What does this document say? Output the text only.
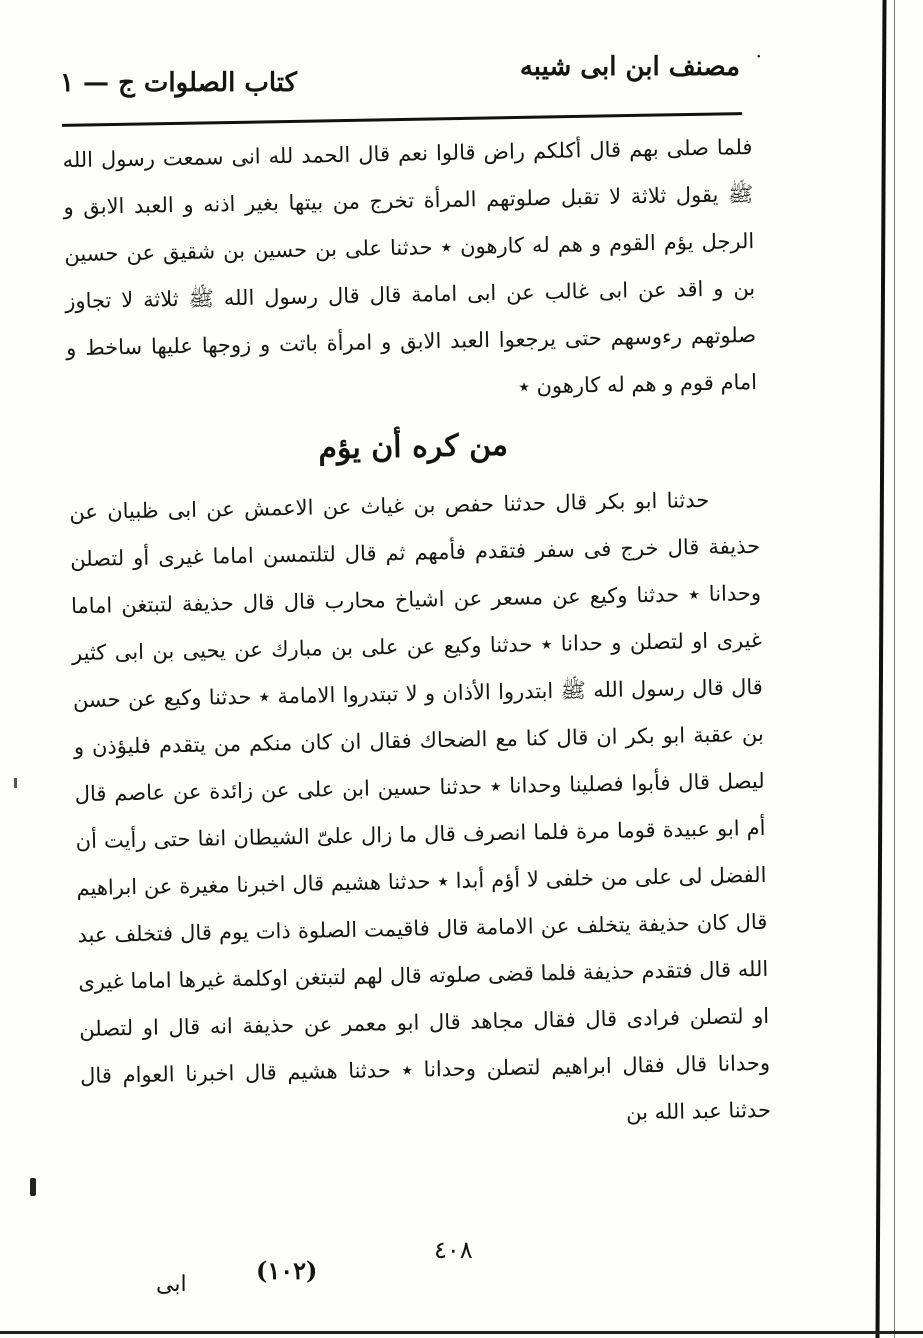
·
مصنف ابن ابى شيبه
كتاب الصلوات ج — ١

فلما صلى بهم قال أكلكم راض قالوا نعم قال الحمد لله انى سمعت رسول الله ﷺ يقول ثلاثة لا تقبل صلوتهم المرأة تخرج من بيتها بغير اذنه و العبد الابق و الرجل يؤم القوم و هم له كارهون ٭ حدثنا على بن حسين بن شقيق عن حسين بن و اقد عن ابى غالب عن ابى امامة قال قال رسول الله ﷺ ثلاثة لا تجاوز صلوتهم رءوسهم حتى يرجعوا العبد الابق و امرأة باتت و زوجها عليها ساخط و امام قوم و هم له كارهون ٭

من كره أن يؤم

حدثنا ابو بكر قال حدثنا حفص بن غياث عن الاعمش عن ابى ظبيان عن حذيفة قال خرج فى سفر فتقدم فأمهم ثم قال لتلتمسن اماما غيرى أو لتصلن وحدانا ٭ حدثنا وكيع عن مسعر عن اشياخ محارب قال قال حذيفة لتبتغن اماما غيرى او لتصلن و حدانا ٭ حدثنا وكيع عن على بن مبارك عن يحيى بن ابى كثير قال قال رسول الله ﷺ ابتدروا الأذان و لا تبتدروا الامامة ٭ حدثنا وكيع عن حسن بن عقبة ابو بكر ان قال كنا مع الضحاك فقال ان كان منكم من يتقدم فليؤذن و ليصل قال فأبوا فصلينا وحدانا ٭ حدثنا حسين ابن على عن زائدة عن عاصم قال أم ابو عبيدة قوما مرة فلما انصرف قال ما زال علىّ الشيطان انفا حتى رأيت أن الفضل لى على من خلفى لا أؤم أبدا ٭ حدثنا هشيم قال اخبرنا مغيرة عن ابراهيم قال كان حذيفة يتخلف عن الامامة قال فاقيمت الصلوة ذات يوم قال فتخلف عبد الله قال فتقدم حذيفة فلما قضى صلوته قال لهم لتبتغن اوكلمة غيرها اماما غيرى او لتصلن فرادى قال فقال مجاهد قال ابو معمر عن حذيفة انه قال او لتصلن وحدانا قال فقال ابراهيم لتصلن وحدانا ٭ حدثنا هشيم قال اخبرنا العوام قال حدثنا عبد الله بن

٤٠٨
(١٠٢)
ابى
